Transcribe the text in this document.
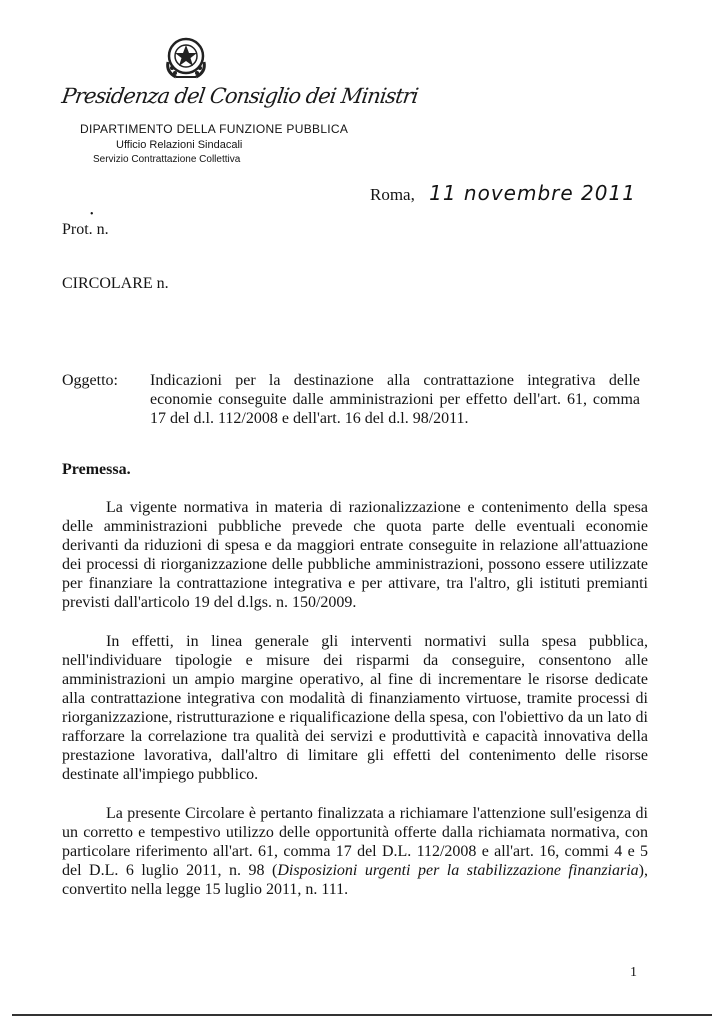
Presidenza del Consiglio dei Ministri
DIPARTIMENTO DELLA FUNZIONE PUBBLICA
Ufficio Relazioni Sindacali
Servizio Contrattazione Collettiva
Roma, 11 novembre 2011
•
Prot. n.
CIRCOLARE n.
Oggetto: Indicazioni per la destinazione alla contrattazione integrativa delle economie conseguite dalle amministrazioni per effetto dell'art. 61, comma 17 del d.l. 112/2008 e dell'art. 16 del d.l. 98/2011.
Premessa.
La vigente normativa in materia di razionalizzazione e contenimento della spesa delle amministrazioni pubbliche prevede che quota parte delle eventuali economie derivanti da riduzioni di spesa e da maggiori entrate conseguite in relazione all'attuazione dei processi di riorganizzazione delle pubbliche amministrazioni, possono essere utilizzate per finanziare la contrattazione integrativa e per attivare, tra l'altro, gli istituti premianti previsti dall'articolo 19 del d.lgs. n. 150/2009.
In effetti, in linea generale gli interventi normativi sulla spesa pubblica, nell'individuare tipologie e misure dei risparmi da conseguire, consentono alle amministrazioni un ampio margine operativo, al fine di incrementare le risorse dedicate alla contrattazione integrativa con modalità di finanziamento virtuose, tramite processi di riorganizzazione, ristrutturazione e riqualificazione della spesa, con l'obiettivo da un lato di rafforzare la correlazione tra qualità dei servizi e produttività e capacità innovativa della prestazione lavorativa, dall'altro di limitare gli effetti del contenimento delle risorse destinate all'impiego pubblico.
La presente Circolare è pertanto finalizzata a richiamare l'attenzione sull'esigenza di un corretto e tempestivo utilizzo delle opportunità offerte dalla richiamata normativa, con particolare riferimento all'art. 61, comma 17 del D.L. 112/2008 e all'art. 16, commi 4 e 5 del D.L. 6 luglio 2011, n. 98 (Disposizioni urgenti per la stabilizzazione finanziaria), convertito nella legge 15 luglio 2011, n. 111.
1
